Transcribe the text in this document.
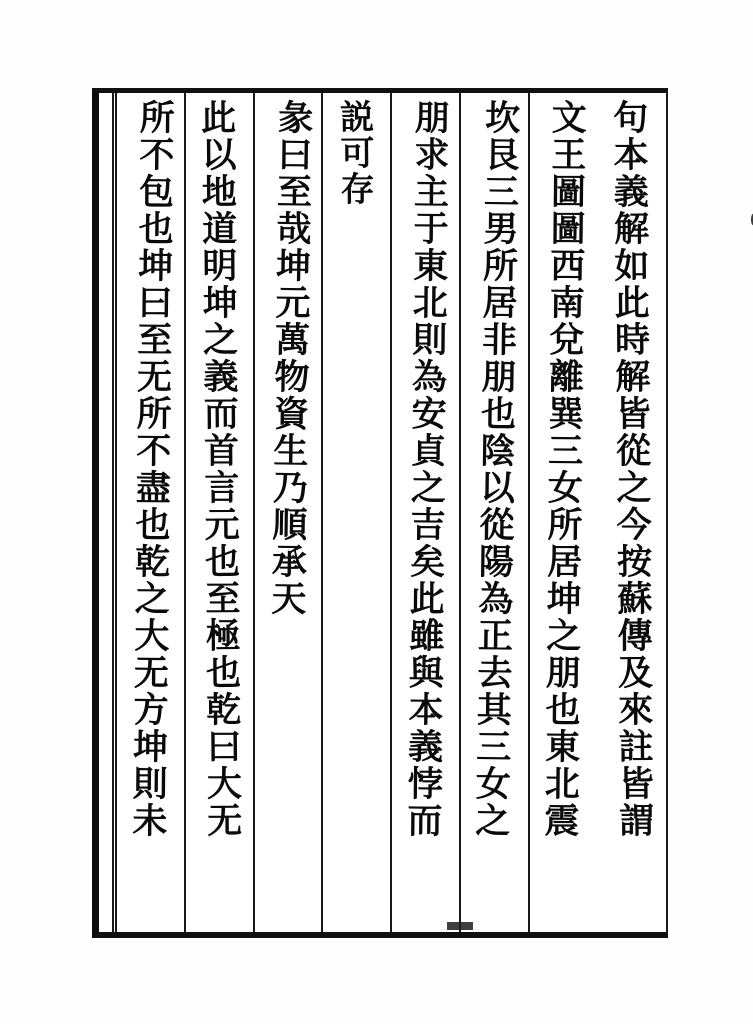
句本義解如此時解皆從之今按蘇傳及來註皆謂
文王圖圖西南兌離巽三女所居坤之朋也東北震
坎艮三男所居非朋也陰以從陽為正去其三女之
朋求主于東北則為安貞之吉矣此雖與本義悖而
説可存
彖曰至哉坤元萬物資生乃順承天
此以地道明坤之義而首言元也至極也乾曰大无
所不包也坤曰至无所不盡也乾之大无方坤則未
